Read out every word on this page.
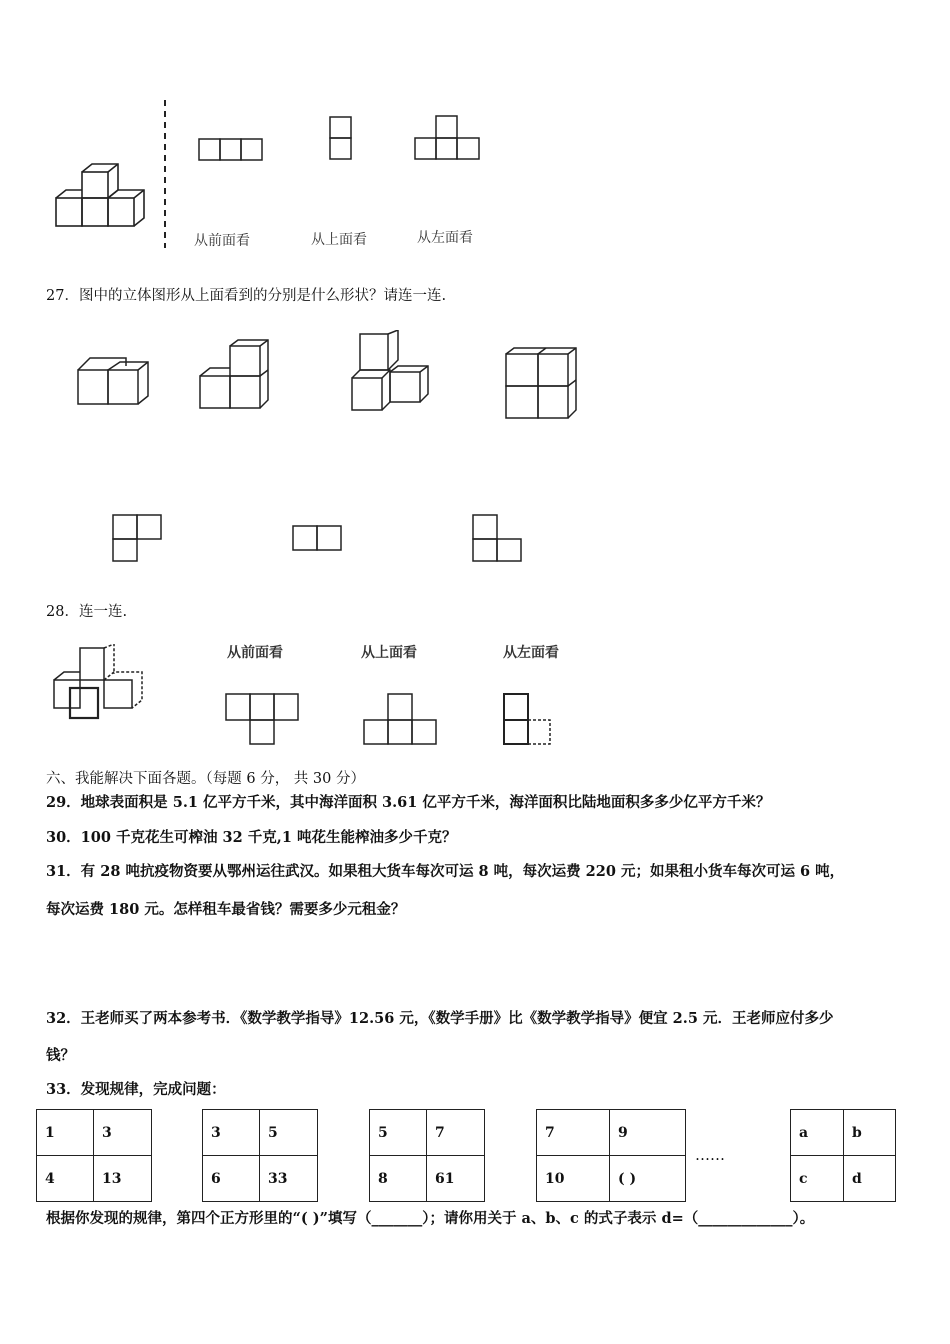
从前面看	从上面看	从左面看
27．图中的立体图形从上面看到的分别是什么形状？请连一连.
28．连一连.
从前面看	从上面看	从左面看
六、我能解决下面各题。（每题 6 分， 共 30 分）
29．地球表面积是 5.1 亿平方千米，其中海洋面积 3.61 亿平方千米，海洋面积比陆地面积多多少亿平方千米？
30．100 千克花生可榨油 32 千克,1 吨花生能榨油多少千克？
31．有 28 吨抗疫物资要从鄂州运往武汉。如果租大货车每次可运 8 吨，每次运费 220 元；如果租小货车每次可运 6 吨，
每次运费 180 元。怎样租车最省钱？需要多少元租金？
32．王老师买了两本参考书．《数学教学指导》12.56 元，《数学手册》比《数学教学指导》便宜 2.5 元．王老师应付多少
钱？
33．发现规律，完成问题：
1	3
4	13
3	5
6	33
5	7
8	61
7	9
10	( )
……
a	b
c	d
根据你发现的规律，第四个正方形里的“( )”填写（_______）；请你用关于 a、b、c 的式子表示 d=（_____________）。
